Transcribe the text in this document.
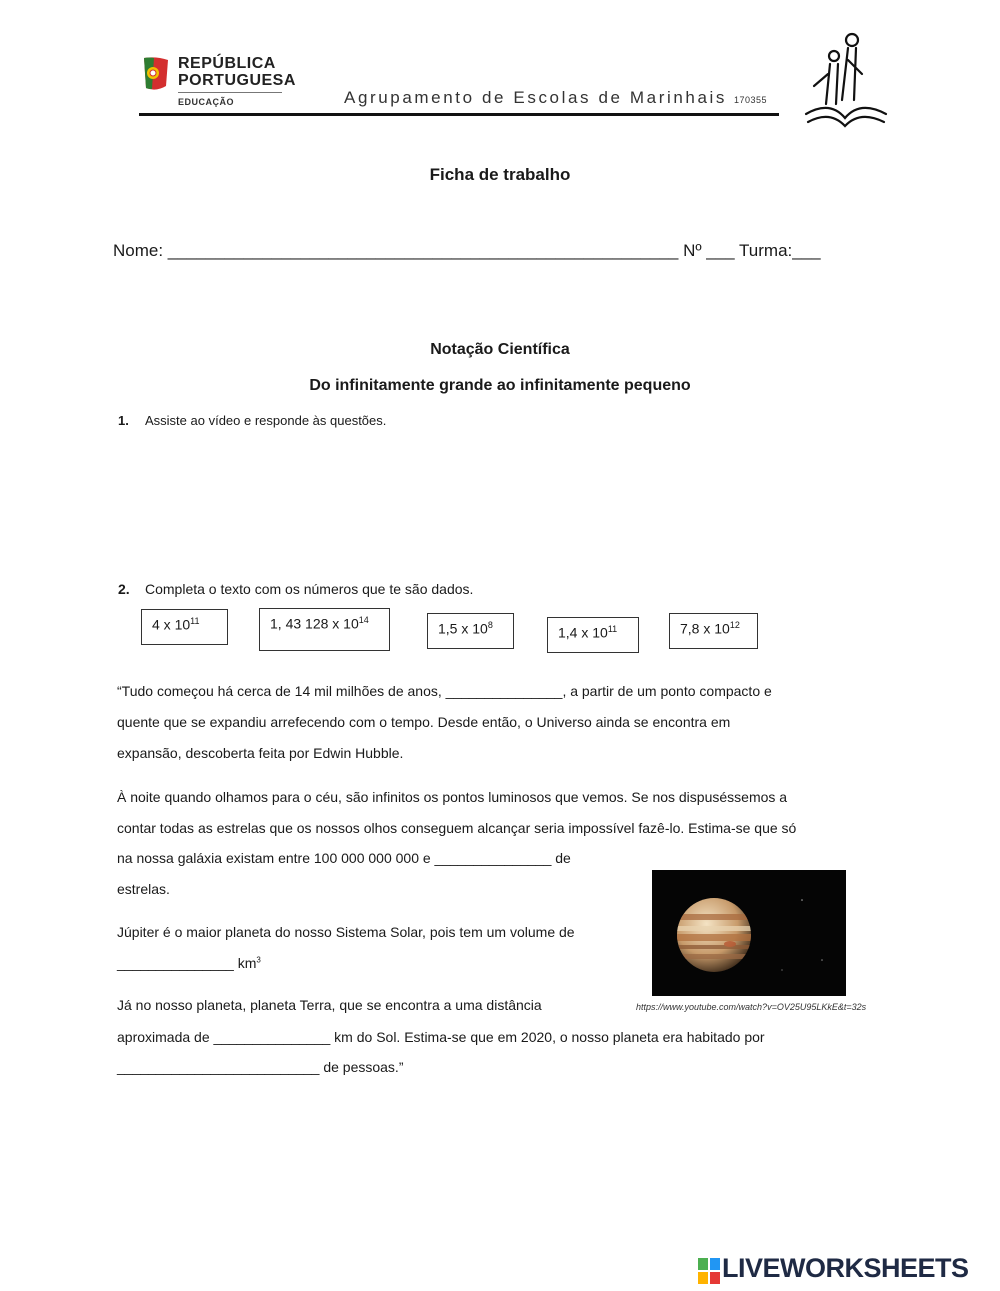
REPÚBLICA
PORTUGUESA
EDUCAÇÃO	Agrupamento de Escolas de Marinhais 170355
Ficha de trabalho
Nome: ______________________________________________________ Nº ___ Turma:___
Notação Científica
Do infinitamente grande ao infinitamente pequeno
1. Assiste ao vídeo e responde às questões.
2. Completa o texto com os números que te são dados.
4 x $10^{11}$	1, 43 128 x $10^{14}$
1,5 x $10^8$	1,4 x $10^{11}$	7,8 x $10^{12}$
“Tudo começou há cerca de 14 mil milhões de anos, _______________, a partir de um ponto compacto e
quente que se expandiu arrefecendo com o tempo. Desde então, o Universo ainda se encontra em
expansão, descoberta feita por Edwin Hubble.
À noite quando olhamos para o céu, são infinitos os pontos luminosos que vemos. Se nos dispuséssemos a
contar todas as estrelas que os nossos olhos conseguem alcançar seria impossível fazê-lo. Estima-se que só
na nossa galáxia existam entre 100 000 000 000 e _______________ de
estrelas.
Júpiter é o maior planeta do nosso Sistema Solar, pois tem um volume de
_______________ $km^3$
Já no nosso planeta, planeta Terra, que se encontra a uma distância
aproximada de _______________ km do Sol. Estima-se que em 2020, o nosso planeta era habitado por
__________________________ de pessoas.”
https://www.youtube.com/watch?v=OV25U95LKkE&t=32s
LIVEWORKSHEETS
